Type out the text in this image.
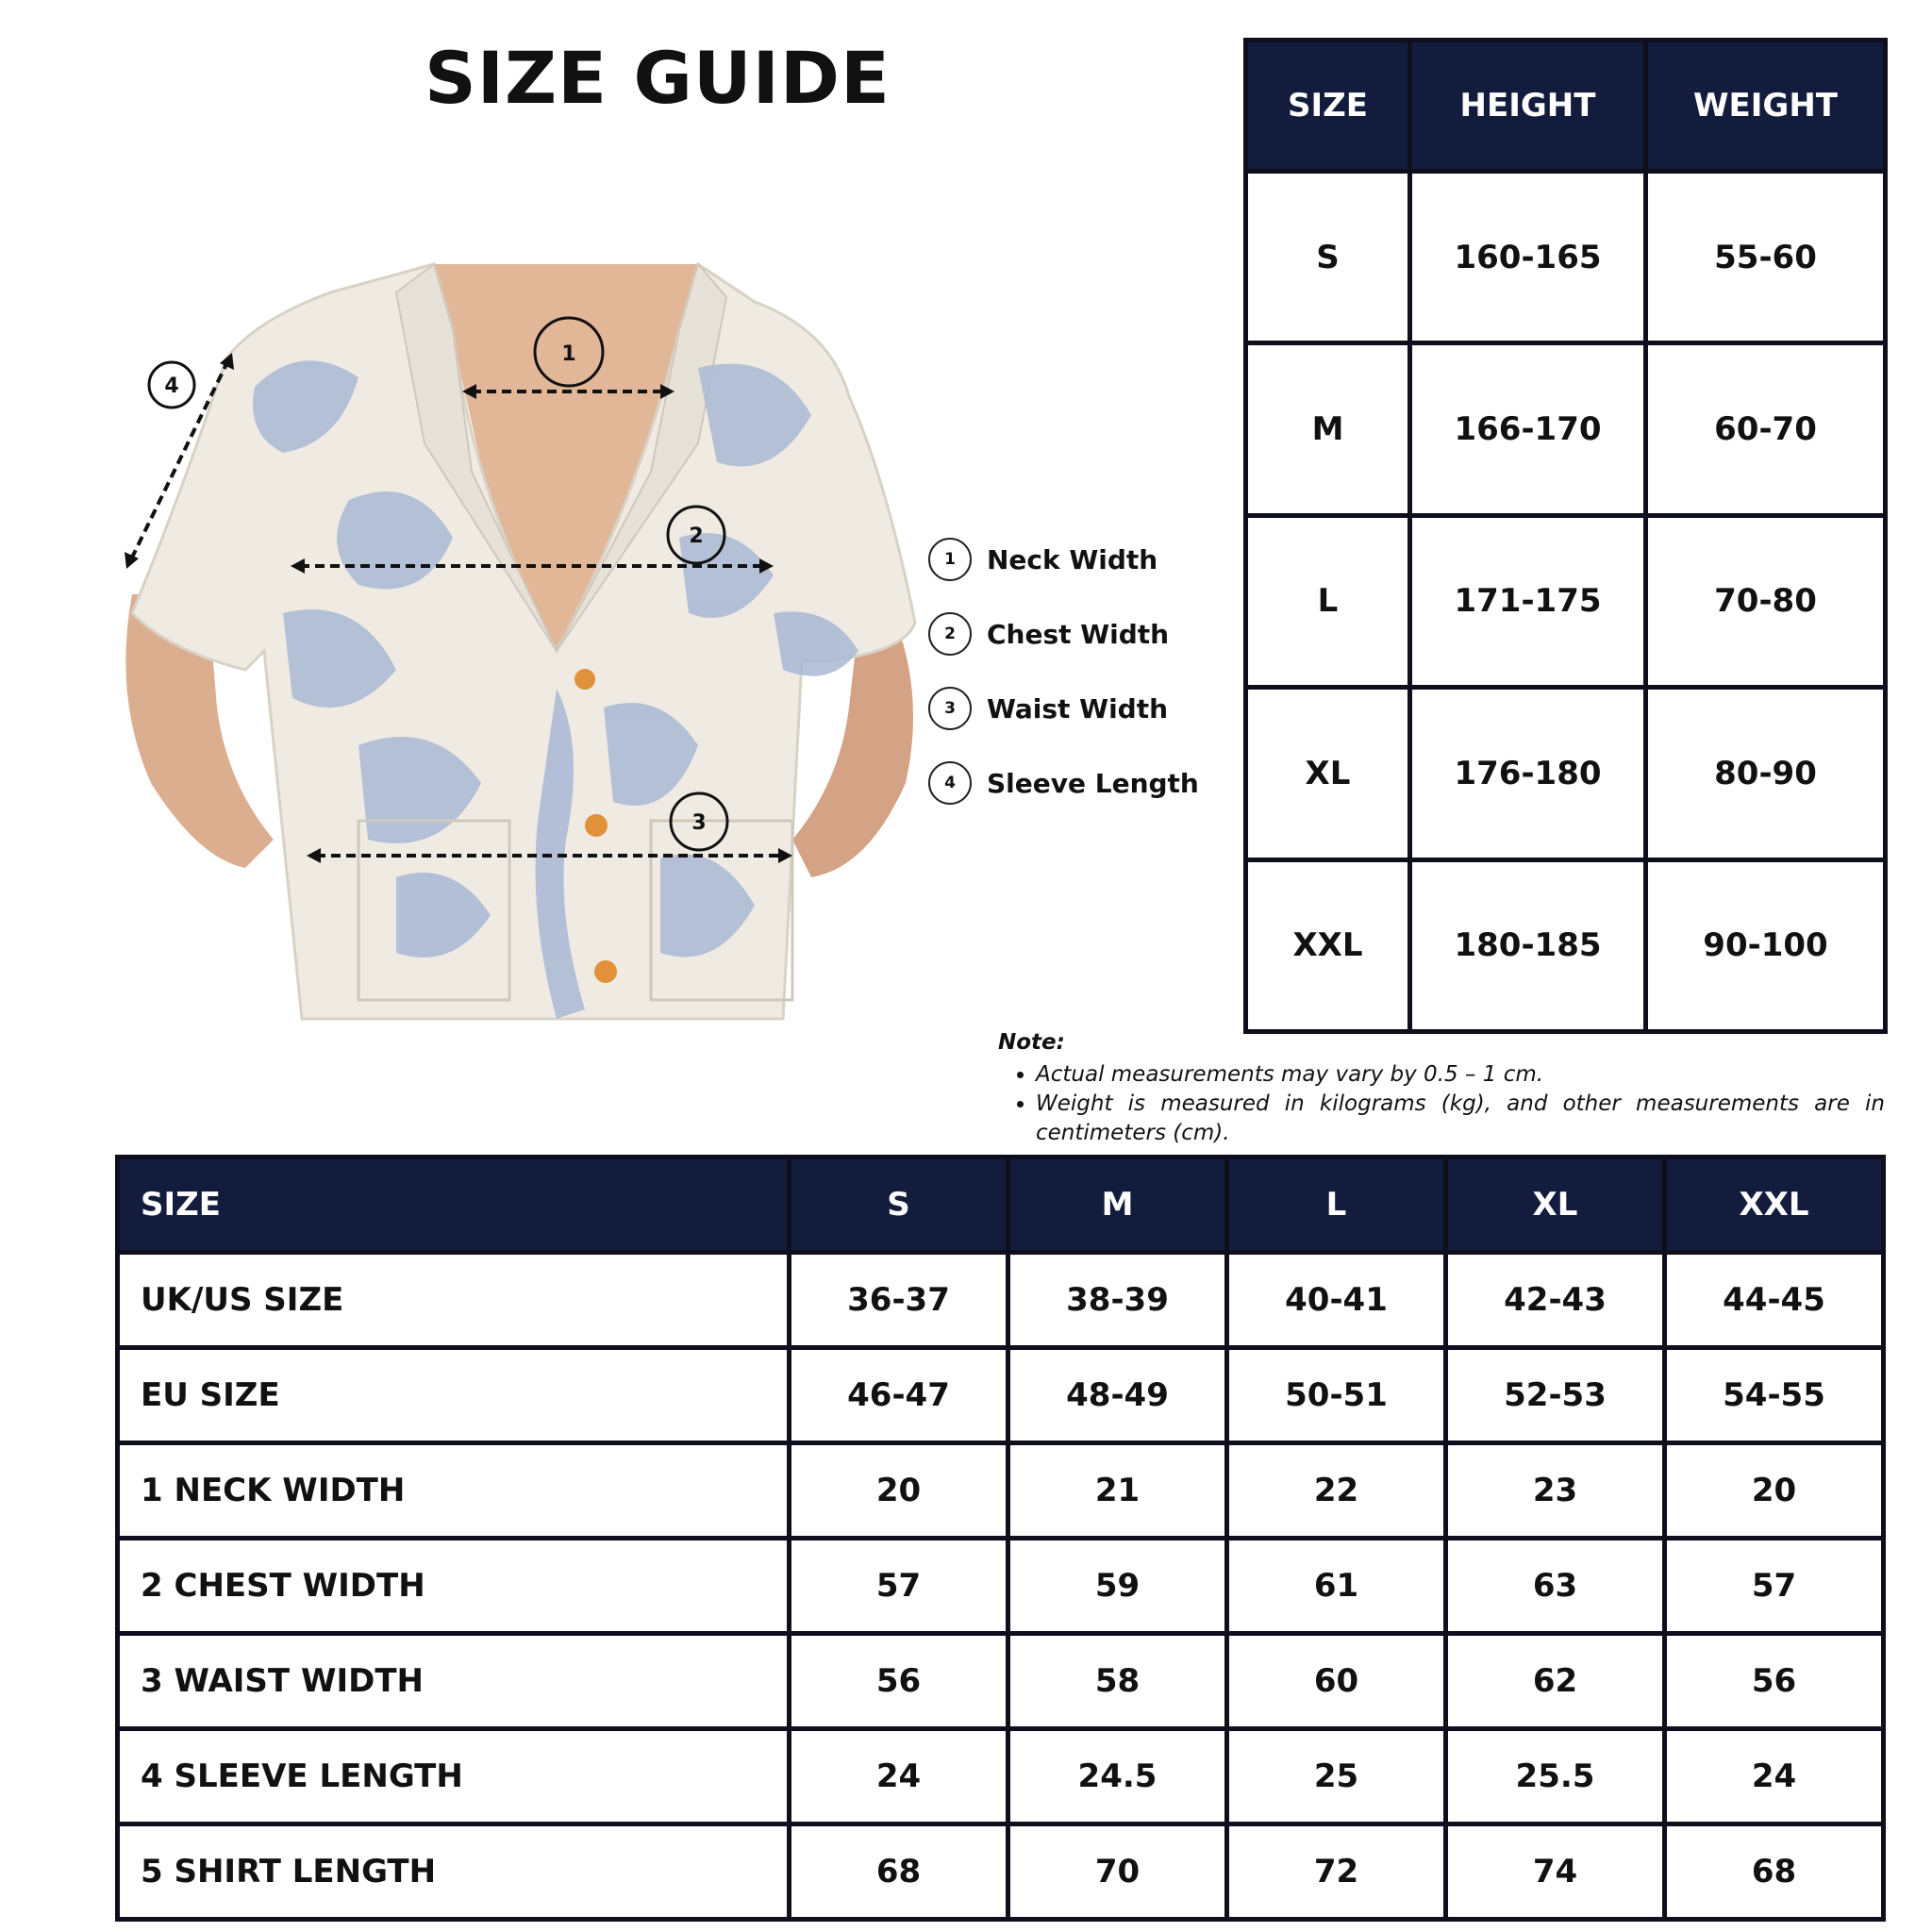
SIZE GUIDE
1
2
3
4
1	Neck Width
2	Chest Width
3	Waist Width
4	Sleeve Length
SIZE	HEIGHT	WEIGHT
S	160-165	55-60
M	166-170	60-70
L	171-175	70-80
XL	176-180	80-90
XXL	180-185	90-100
Note:
• Actual measurements may vary by 0.5 – 1 cm.
• Weight is measured in kilograms (kg), and other measurements are in centimeters (cm).
SIZE	S	M	L	XL	XXL
UK/US SIZE	36-37	38-39	40-41	42-43	44-45
EU SIZE	46-47	48-49	50-51	52-53	54-55
1 NECK WIDTH	20	21	22	23	20
2 CHEST WIDTH	57	59	61	63	57
3 WAIST WIDTH	56	58	60	62	56
4 SLEEVE LENGTH	24	24.5	25	25.5	24
5 SHIRT LENGTH	68	70	72	74	68
